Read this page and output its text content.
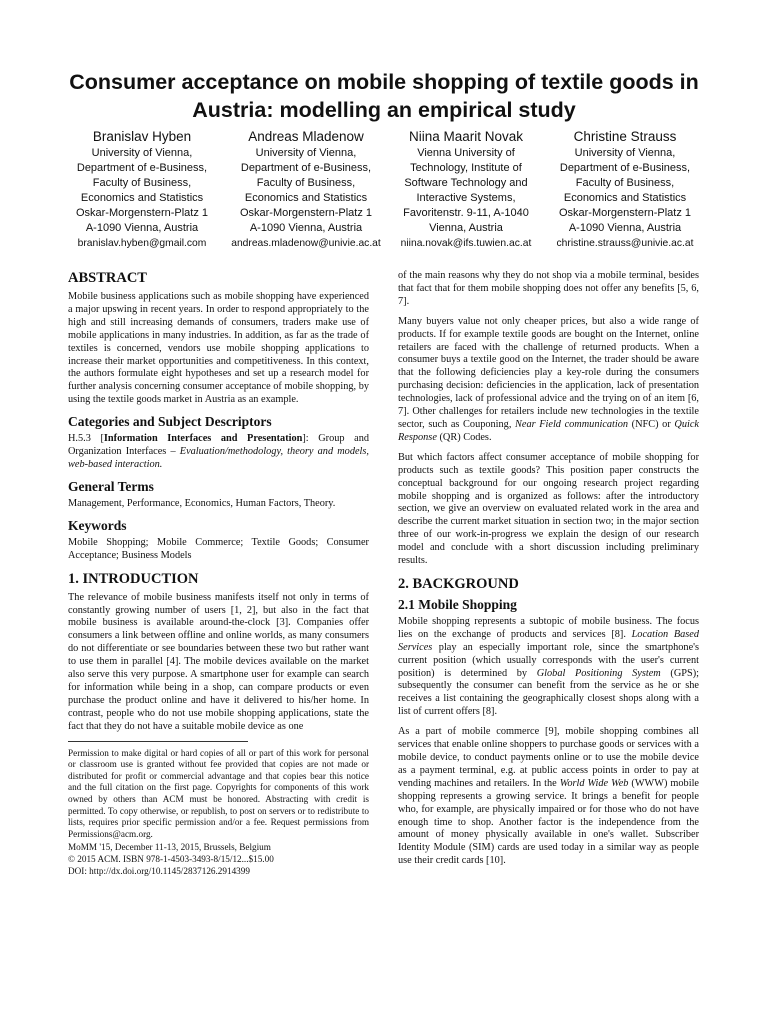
Consumer acceptance on mobile shopping of textile goods in Austria: modelling an empirical study
Branislav Hyben
University of Vienna,
Department of e-Business,
Faculty of Business,
Economics and Statistics
Oskar-Morgenstern-Platz 1
A-1090 Vienna, Austria
branislav.hyben@gmail.com
Andreas Mladenow
University of Vienna,
Department of e-Business,
Faculty of Business,
Economics and Statistics
Oskar-Morgenstern-Platz 1
A-1090 Vienna, Austria
andreas.mladenow@univie.ac.at
Niina Maarit Novak
Vienna University of
Technology, Institute of
Software Technology and
Interactive Systems,
Favoritenstr. 9-11, A-1040
Vienna, Austria
niina.novak@ifs.tuwien.ac.at
Christine Strauss
University of Vienna,
Department of e-Business,
Faculty of Business,
Economics and Statistics
Oskar-Morgenstern-Platz 1
A-1090 Vienna, Austria
christine.strauss@univie.ac.at
ABSTRACT

Mobile business applications such as mobile shopping have experienced a major upswing in recent years. In order to respond appropriately to the high and still increasing demands of consumers, traders make use of mobile applications in many industries. In addition, as far as the trade of textiles is concerned, vendors use mobile shopping applications to increase their market opportunities and competitiveness. In this context, the authors formulate eight hypotheses and set up a research model for further analysis concerning consumer acceptance of mobile shopping, by using the textile goods market in Austria as an example.

Categories and Subject Descriptors

H.5.3 [Information Interfaces and Presentation]: Group and Organization Interfaces – Evaluation/methodology, theory and models, web-based interaction.

General Terms

Management, Performance, Economics, Human Factors, Theory.

Keywords

Mobile Shopping; Mobile Commerce; Textile Goods; Consumer Acceptance; Business Models

1. INTRODUCTION

The relevance of mobile business manifests itself not only in terms of constantly growing number of users [1, 2], but also in the fact that mobile business is available around-the-clock [3]. Companies offer consumers a link between offline and online worlds, as many consumers do not differentiate or see boundaries between these two but rather want to use them in parallel [4]. The mobile devices available on the market also serve this very purpose. A smartphone user for example can search for information while being in a shop, can compare products or even purchase the product online and have it delivered to his/her home. In contrast, people who do not use mobile shopping applications, state the fact that they do not have a suitable mobile device as one

Permission to make digital or hard copies of all or part of this work for personal or classroom use is granted without fee provided that copies are not made or distributed for profit or commercial advantage and that copies bear this notice and the full citation on the first page. Copyrights for components of this work owned by others than ACM must be honored. Abstracting with credit is permitted. To copy otherwise, or republish, to post on servers or to redistribute to lists, requires prior specific permission and/or a fee. Request permissions from Permissions@acm.org.

MoMM '15, December 11-13, 2015, Brussels, Belgium
© 2015 ACM. ISBN 978-1-4503-3493-8/15/12...$15.00
DOI: http://dx.doi.org/10.1145/2837126.2914399

of the main reasons why they do not shop via a mobile terminal, besides that fact that for them mobile shopping does not offer any benefits [5, 6, 7].

Many buyers value not only cheaper prices, but also a wide range of products. If for example textile goods are bought on the Internet, online retailers are faced with the challenge of returned products. When a consumer buys a textile good on the Internet, the trader should be aware that the following deficiencies play a key-role during the consumers purchasing decision: deficiencies in the application, lack of presentation technologies, lack of professional advice and the trying on of an item [6, 7]. Other challenges for retailers include new technologies in the textile sector, such as Couponing, Near Field communication (NFC) or Quick Response (QR) Codes.

But which factors affect consumer acceptance of mobile shopping for products such as textile goods? This position paper constructs the conceptual background for our ongoing research project regarding mobile shopping and is organized as follows: after the introductory section, we give an overview on evaluated related work in the area and describe the current market situation in section two; in the major section three of our work-in-progress we explain the design of our research model and conclude with a short discussion including preliminary results.

2. BACKGROUND
2.1 Mobile Shopping

Mobile shopping represents a subtopic of mobile business. The focus lies on the exchange of products and services [8]. Location Based Services play an especially important role, since the smartphone's current position (which usually corresponds with the user's current position) is determined by Global Positioning System (GPS); subsequently the consumer can benefit from the service as he or she receives a list containing the geographically closest shops along with a list of current offers [8].

As a part of mobile commerce [9], mobile shopping combines all services that enable online shoppers to purchase goods or services with a mobile device, to conduct payments online or to use the mobile device as a payment terminal, e.g. at public access points in order to pay at vending machines and retailers. In the World Wide Web (WWW) mobile shopping represents a growing service. It brings a benefit for people who, for example, are physically impaired or for those who do not have enough time to shop. Another factor is the independence from the amount of money physically available in one's wallet. Subscriber Identity Module (SIM) cards are used today in a similar way as people use their credit cards [10].
